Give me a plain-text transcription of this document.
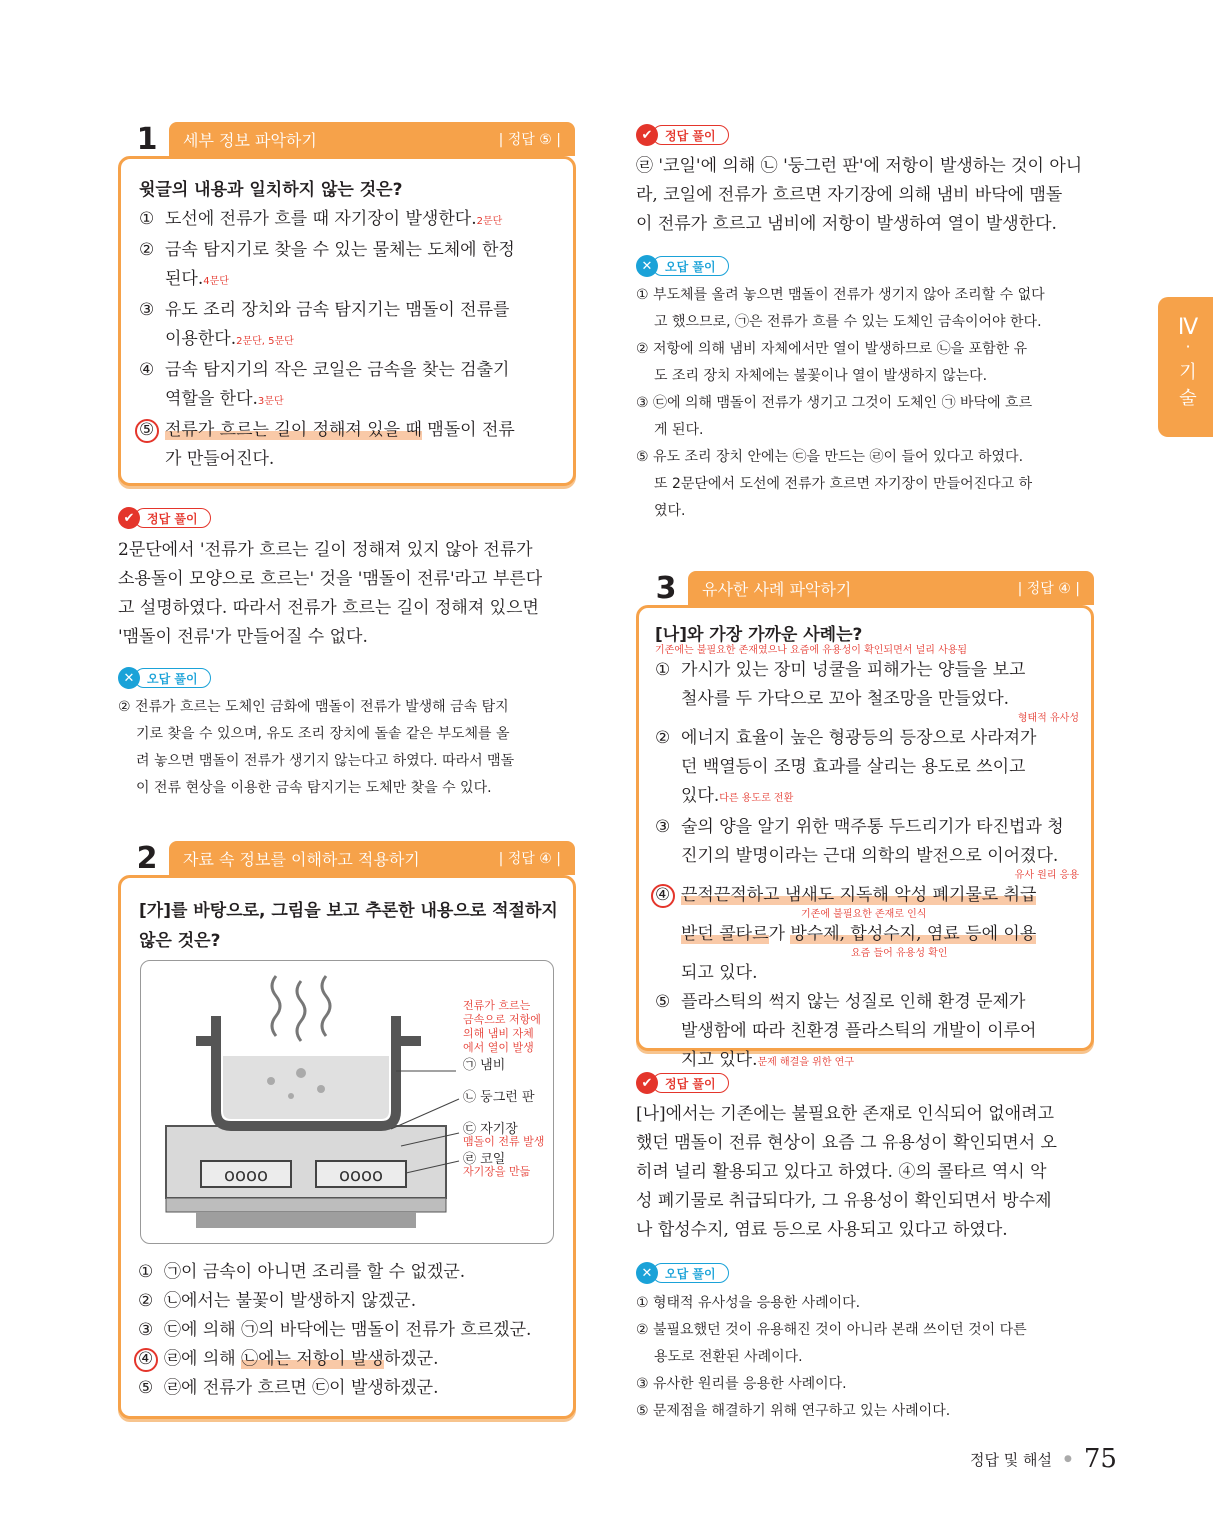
Ⅳ
·
기
술
1	세부 정보 파악하기	| 정답 ⑤ |
윗글의 내용과 일치하지 않는 것은?
① 도선에 전류가 흐를 때 자기장이 발생한다.2문단
② 금속 탐지기로 찾을 수 있는 물체는 도체에 한정
된다.4문단
③ 유도 조리 장치와 금속 탐지기는 맴돌이 전류를
이용한다.2문단, 5문단
④ 금속 탐지기의 작은 코일은 금속을 찾는 검출기
역할을 한다.3문단
⑤ 전류가 흐르는 길이 정해져 있을 때 맴돌이 전류
가 만들어진다.
✔	정답 풀이
2문단에서 '전류가 흐르는 길이 정해져 있지 않아 전류가
소용돌이 모양으로 흐르는' 것을 '맴돌이 전류'라고 부른다
고 설명하였다. 따라서 전류가 흐르는 길이 정해져 있으면
'맴돌이 전류'가 만들어질 수 없다.
✕	오답 풀이

② 전류가 흐르는 도체인 금화에 맴돌이 전류가 발생해 금속 탐지
기로 찾을 수 있으며, 유도 조리 장치에 돌솥 같은 부도체를 올
려 놓으면 맴돌이 전류가 생기지 않는다고 하였다. 따라서 맴돌
이 전류 현상을 이용한 금속 탐지기는 도체만 찾을 수 있다.

2	자료 속 정보를 이해하고 적용하기	| 정답 ④ |
[가]를 바탕으로, 그림을 보고 추론한 내용으로 적절하지
않은 것은?
oooo	oooo
전류가 흐르는
금속으로 저항에
의해 냄비 자체
에서 열이 발생
㉠ 냄비
㉡ 둥그런 판
㉢ 자기장
맴돌이 전류 발생
㉣ 코일
자기장을 만듦
① ㉠이 금속이 아니면 조리를 할 수 없겠군.
② ㉡에서는 불꽃이 발생하지 않겠군.
③ ㉢에 의해 ㉠의 바닥에는 맴돌이 전류가 흐르겠군.
④ ㉣에 의해 ㉡에는 저항이 발생하겠군.
⑤ ㉣에 전류가 흐르면 ㉢이 발생하겠군.
✔	정답 풀이
㉣ '코일'에 의해 ㉡ '둥그런 판'에 저항이 발생하는 것이 아니
라, 코일에 전류가 흐르면 자기장에 의해 냄비 바닥에 맴돌
이 전류가 흐르고 냄비에 저항이 발생하여 열이 발생한다.
✕	오답 풀이

① 부도체를 올려 놓으면 맴돌이 전류가 생기지 않아 조리할 수 없다
고 했으므로, ㉠은 전류가 흐를 수 있는 도체인 금속이어야 한다.

② 저항에 의해 냄비 자체에서만 열이 발생하므로 ㉡을 포함한 유
도 조리 장치 자체에는 불꽃이나 열이 발생하지 않는다.

③ ㉢에 의해 맴돌이 전류가 생기고 그것이 도체인 ㉠ 바닥에 흐르
게 된다.

⑤ 유도 조리 장치 안에는 ㉢을 만드는 ㉣이 들어 있다고 하였다.
또 2문단에서 도선에 전류가 흐르면 자기장이 만들어진다고 하
였다.

3	유사한 사례 파악하기	| 정답 ④ |
[나]와 가장 가까운 사례는?
기존에는 불필요한 존재였으나 요즘에 유용성이 확인되면서 널리 사용됨
① 가시가 있는 장미 넝쿨을 피해가는 양들을 보고
철사를 두 가닥으로 꼬아 철조망을 만들었다.
형태적 유사성
② 에너지 효율이 높은 형광등의 등장으로 사라져가
던 백열등이 조명 효과를 살리는 용도로 쓰이고
있다.다른 용도로 전환
③ 술의 양을 알기 위한 맥주통 두드리기가 타진법과 청
진기의 발명이라는 근대 의학의 발전으로 이어졌다.
유사 원리 응용
④ 끈적끈적하고 냄새도 지독해 악성 폐기물로 취급
기존에 불필요한 존재로 인식
받던 콜타르가 방수제, 합성수지, 염료 등에 이용
요즘 들어 유용성 확인
되고 있다.
⑤ 플라스틱의 썩지 않는 성질로 인해 환경 문제가
발생함에 따라 친환경 플라스틱의 개발이 이루어
지고 있다.문제 해결을 위한 연구
✔	정답 풀이
[나]에서는 기존에는 불필요한 존재로 인식되어 없애려고
했던 맴돌이 전류 현상이 요즘 그 유용성이 확인되면서 오
히려 널리 활용되고 있다고 하였다. ④의 콜타르 역시 악
성 폐기물로 취급되다가, 그 유용성이 확인되면서 방수제
나 합성수지, 염료 등으로 사용되고 있다고 하였다.
✕	오답 풀이

① 형태적 유사성을 응용한 사례이다.

② 불필요했던 것이 유용해진 것이 아니라 본래 쓰이던 것이 다른
용도로 전환된 사례이다.

③ 유사한 원리를 응용한 사례이다.

⑤ 문제점을 해결하기 위해 연구하고 있는 사례이다.

정답 및 해설 ● 75
